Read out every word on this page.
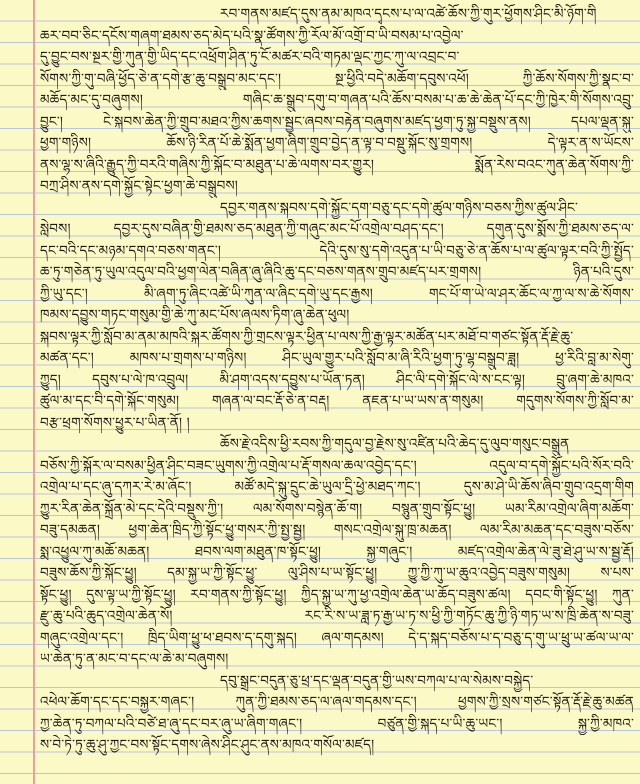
རབ་གནས་མཛད་དུས་ནམ་མཁའ་དྭངས་པ་ལ་འཚེ་ཆོས་ཀྱི་གུར་ཕྱོགས་ཤིང་མི་ཉོག་གི
ཆར་བབ་ཅིང་དངོས་གཞག་ཐམས་ཅད་མེད་པའི་སྣ་ཚོགས་ཀྱི་རོལ་མོ་འགྲོ་བ་ཡི་བསམ་པ་འབྱེལ་
དུ་བྱུང་བས་སྔར་གྱི་ཀུན་གྱི་ཡིད་དང་འཕྲོག་ཤིན་ཏུ་ངོ་མཚར་བའི་གཏམ་ལྡང་ཀྱང་ཀུ་ལ་འབྲང་བ་
སོགས་ཀྱི་གུ་བཞི་ཕྱོད་ཅེ་ན་དགེ་རྩ་ཆུ་བསྒྲུབ་མང་དང་། སྔ་ཕྱིའི་བདེ་མཆོག་དབུས་འཕོ། ཀྱི་ཆོས་སོགས་ཀྱི་སྣང་བ་
མཆོད་མང་དུ་བཞུགས། གཞིང་ཆ་སྒྲུབ་དགུ་བ་གཞན་པའི་ཆོས་བསམ་པ་ཆ་ཆེ་ཆེན་པོ་དང་ཀྱི་ཁྱེར་གི་སོགས་འབྲུ་
བྱུང་། ངེ་སྐབས་ཆེན་ཀྱི་གྲུབ་མཐའ་ཀྱིས་ཆགས་སྦྱང་ཞབས་བརྟེན་བཞུགས་མཛད་ཕྱག་ཏུ་སྐྱ་བསྡུས་ནས། དཔལ་ལྡན་སྐུ་
ཕྱག་གཉིས། ཆོས་ཉི་རིན་པོ་ཆེ་སྨོན་ཕྱག་ཞིག་གྲུབ་བྱེད་ན་ལྟ་བ་བསྡུ་སྐོང་སུ་གྲགས། དེ་ལྟར་ན་ས་ཡོངས་
ནས་ལྷ་ས་ཞིའི་རྒྱུད་ཀྱི་བརའི་གཞིས་ཀྱི་སྐོང་བ་མཐུན་པ་ཆེ་ལགས་བར་གྱུར། སྨོན་རེས་བའང་ཀུན་ཆེན་སོགས་ཀྱི་
བཀྲ་ཤིས་ནས་དགེ་སྐྱོང་སྟེང་ཕྱག་ཆེ་བསྒྲུབས།
དབྱར་གནས་སྐབས་དགེ་སྐྱོང་དག་བཅུ་དང་དགེ་ཚུལ་གཉིས་བཅས་ཀྱིས་ཚུལ་ཤིང་
སླེབས། དབྱར་དུས་བཞིན་གྱི་ཐམས་ཅད་མཐུན་ཀྱི་གཞུང་མང་པོ་འགྲེལ་བཤད་དང་། དགུན་དུས་སྨོས་ཀྱི་ཐམས་ཅད་ལ་
དང་བའི་དང་མཉམ་དགའ་བཅས་གནང་། དེའི་དུས་སུ་དགེ་འདུན་པ་ཡི་བཅུ་ཅེ་ན་ཆོས་པ་ལ་ཚུལ་ལྟར་བའི་ཀྱི་སྤྱོད་
ཆ་ཏུ་གཅེན་ཏུ་ཡུལ་འདུལ་བའི་ཕྱག་ལེན་བཞིན་ཞུ་ཞིའི་ཆུ་དང་བཅས་གནས་གྲུབ་མཛད་པར་གྲགས། ཉིན་པའི་དུས་
ཀྱི་ཡུ་དང་། མི་ཞག་ཏུ་ཞིང་འཚེ་ཡི་ཀུན་ལ་ཞིང་དགེ་ཡུ་དང་རྒྱས། གང་པོ་ག་ཡེ་ལ་ཤར་ཆོང་ལ་ཀྱ་ལ་ས་ཆེ་སོགས་
ཁམས་དབྱུས་གཏང་གསུམ་གྱི་ཆེ་ཀུ་མང་པོས་ཞལས་ཏིག་ཞུ་ཆེན་ཕུལ།
སྐབས་ལྟར་ཀྱི་སློབ་མ་ནམ་མཁའི་སྐར་ཚོགས་ཀྱི་གྲངས་ལྟར་ཕྱིན་པ་ལས་ཀྱི་རྒྱ་ལྟར་མཚོན་པར་མཐོ་བ་གཙང་སྟོན་རྡོ་རྗེ་ཆུ་
མཚན་དང་། མཁས་པ་གྲགས་པ་གཉིས། ཤིང་ཡུལ་གྱུར་པའི་སློབ་མ་ཞི་རིའི་ཕྱག་ཏུ་ལྷ་བསྒྲུབ་ཟླ། ཕྱ་རིའི་བླ་མ་སེགུ་
ཀྱུད། དབུས་པ་ལེ་ཁ་འབྲུལ། མི་ཤག་འདས་དབྱུས་པ་ཡོན་ཏན། ཤིང་ལི་དགེ་སྐོང་ལེ་ས་ངང་ལྟ། བྲུ་ཞག་ཆེ་མཁའ་
ཚུལ་མ་དང་བི་དགེ་སྐོང་གསུམ། གཞན་ལ་བང་རྡོ་ཅེ་ན་བརྡ། ནཇན་པ་ཡ་ཡས་ན་གསུམ། གདུགས་སོགས་ཀྱི་སློབ་མ་
བརྩ་ཕྲག་སོགས་ཕྱུར་པ་ཡིན་ནོ། །
ཆོས་རྗེ་འདིས་ཕྱི་རབས་ཀྱི་གདུལ་བྱ་རྗེས་སུ་འཛིན་པའི་ཆེད་དུ་ལུབ་གསུང་བསྒྲུན
བཅོས་ཀྱི་སྐོར་ལ་བསམ་ཕྱིན་ཤིང་བཟང་ཡུགས་ཀྱི་འགྲེལ་པ་རྡོ་གསལ་ཆལ་འབྱེད་དང་། འདུལ་བ་དགེ་སྐྱོང་པའི་སོར་བའི་
འགྲེལ་པ་དང་ཞུ་དཀར་རེ་མ་ཞོང་། མཚོ་མདེ་སྐུ་དྲུང་ཆེ་ཡུལ་དྲི་ཕྱེ་མཐད་ཀང་། དུས་མ་ཤེ་ཡི་ཆོས་ཞིབ་གྲུབ་འདྲག་གིག
ཀྱུར་རིན་ཆེན་སྐྲོན་མེ་དང་དེའི་བསྡུས་ཀྱི་། ལམ་སོགས་བསྙེན་ཆོ་ག། བསྙུན་གྲུབ་སྟོང་ཕྱུ། ཡམ་རིམ་འགྲེལ་ཞིག་མཆོག་
བཟུ་དམཆན། ཕྱག་ཆེན་ཁྲིད་ཀྱི་སྟོང་ཕྱུ་གསར་ཀྱི་སྤྱ་སྦྱ། གསང་འགྲེལ་སྐུ་ཁྲ་མཆན། ལམ་རིམ་མཆན་དང་བཟུས་བཅོས་
སྨ་འཕྱུལ་ཀུ་མཆོ་མཆན། ཐབས་ལག་མཐུན་ཁ་སྟོང་ཕྱུ། སྐྱ་གཞུང་། མཛད་འགྲེལ་ཆེན་ལེ་ཟུ་ཐེ་ཤུ་ཡ་ས་སྦྱ་རྡོ།
བཟུས་ཆོས་ཀྱི་སྐོང་ཕྱུ། དམ་སྐྱ་ཡ་ཀྱི་སྟོང་ཕྱུ་ ལུ་ཤིས་པ་ཡ་སྟོང་ཕྱུ། ཀྱུ་ཀྱི་ཀུ་ཡ་ཆུའ་འབྱེད་བཟུས་གསུམ། ས་པས་
སྟོང་ཕྱུ། དུས་ལྟ་ཡ་ཀྱི་སྟོང་ཕྱུ། རབ་གནས་ཀྱི་སྟོང་ཕྱུ། ཀྱིད་སྐྱ་ཡ་ཀུ་ཕྱ་འགྲེལ་ཆེན་ཡ་ཆོད་བཟུས་ཚལ། དབང་གི་སྟོང་ཕྱུ། ཀུན་
རྫུ་ཆུ་པའི་ཆུད་འགྲེལ་ཆེན་སོ། རང་རི་ས་ཡ་ཟླ་ཏ་རྒྱ་ཡ་ཏ་ས་ཕྱི་ཀྱི་གཏོང་ཆུ་ཀྱི་ཉི་གཏ་ཡ་ས་ཁྲི་ཆེན་ས་བཟུ་
གཞུང་འགྲེལ་དང་། ཁྲིད་ཡིག་ཕྱུ་ཕ་ཐབས་ད་དགུ་སྐད། ཞལ་གདམས། དེ་ད་སྐད་བཅོས་པ་ད་བཅུ་ད་གུ་ཡ་ཕྲུ་ཡ་ཚལ་ཡ་ལ་
ཡ་ཆེན་ཏུ་ན་མང་བ་དང་ལ་ཆེ་མ་བཞུགས།
དབུ་སྒྲང་བདུན་ཅུ་ཕྲ་དང་ལྡན་བདུན་གྱི་ཡས་བཀལ་པ་ལ་སེམས་བསྐྱེད་
འཕེལ་ཆོག་དང་དང་བསྐྱར་གཞང་། ཀུན་ཀྱི་ཐམས་ཅད་ལ་ཞལ་གདམས་དང་། ཕྱགས་ཀྱི་སྲས་གཙང་སྟོན་རྡོ་རྗེ་ཆུ་མཚན
ཀྱ་ཆེན་ཏུ་བཀལ་པའི་བཙེ་ཐ་ཞུ་དང་བར་ཞུ་ཡ་ཞིག་གཞང་། བཙུན་གྱི་སྐད་པ་ཡི་ཆུ་ཡང་། སྐྱ་ཀྱི་མཁའ་
ས་བེ་ཏེ་ཏུ་ཆུ་ཤུ་ཀྱང་བས་སྟོང་དགས་ཞེས་ཤིང་ཤུང་ནས་མཁའ་གསོལ་མཛད།
